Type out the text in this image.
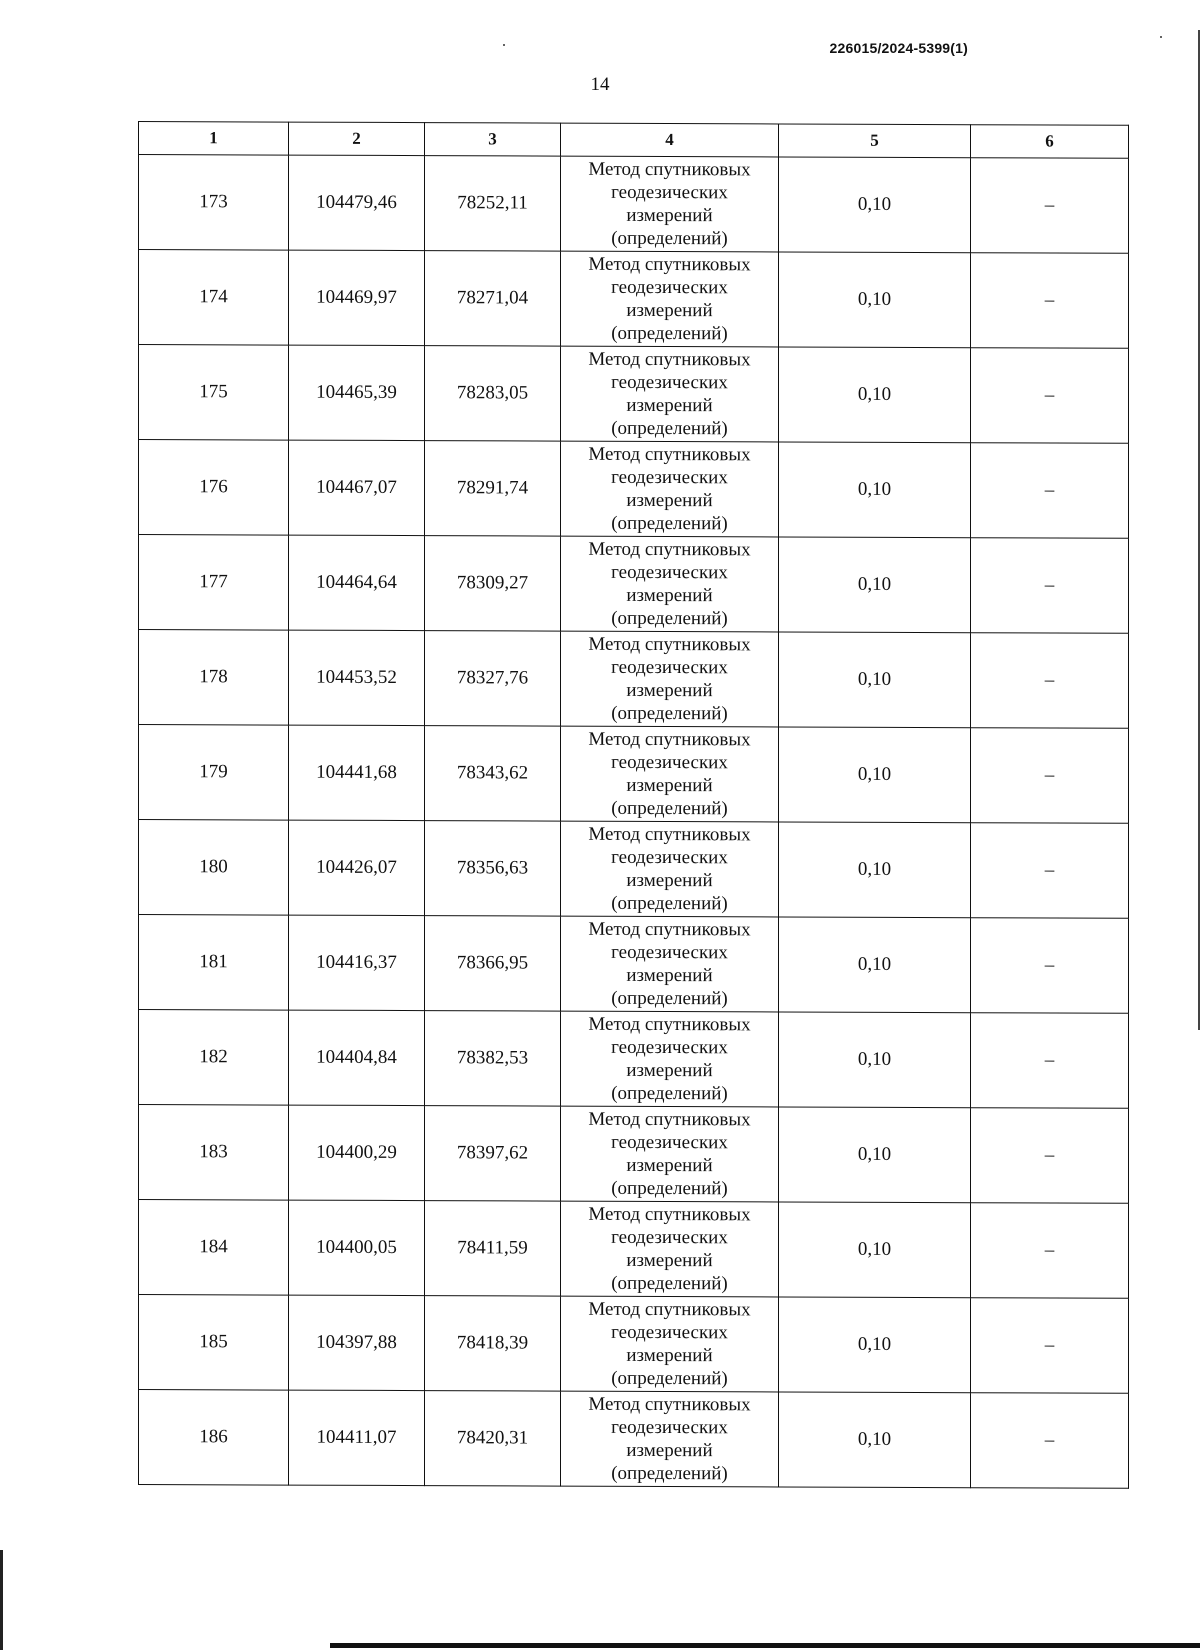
226015/2024-5399(1)
14
1	2	3	4	5	6
173	104479,46	78252,11	Метод спутниковых
геодезических
измерений
(определений)	0,10	–
174	104469,97	78271,04	Метод спутниковых
геодезических
измерений
(определений)	0,10	–
175	104465,39	78283,05	Метод спутниковых
геодезических
измерений
(определений)	0,10	–
176	104467,07	78291,74	Метод спутниковых
геодезических
измерений
(определений)	0,10	–
177	104464,64	78309,27	Метод спутниковых
геодезических
измерений
(определений)	0,10	–
178	104453,52	78327,76	Метод спутниковых
геодезических
измерений
(определений)	0,10	–
179	104441,68	78343,62	Метод спутниковых
геодезических
измерений
(определений)	0,10	–
180	104426,07	78356,63	Метод спутниковых
геодезических
измерений
(определений)	0,10	–
181	104416,37	78366,95	Метод спутниковых
геодезических
измерений
(определений)	0,10	–
182	104404,84	78382,53	Метод спутниковых
геодезических
измерений
(определений)	0,10	–
183	104400,29	78397,62	Метод спутниковых
геодезических
измерений
(определений)	0,10	–
184	104400,05	78411,59	Метод спутниковых
геодезических
измерений
(определений)	0,10	–
185	104397,88	78418,39	Метод спутниковых
геодезических
измерений
(определений)	0,10	–
186	104411,07	78420,31	Метод спутниковых
геодезических
измерений
(определений)	0,10	–
